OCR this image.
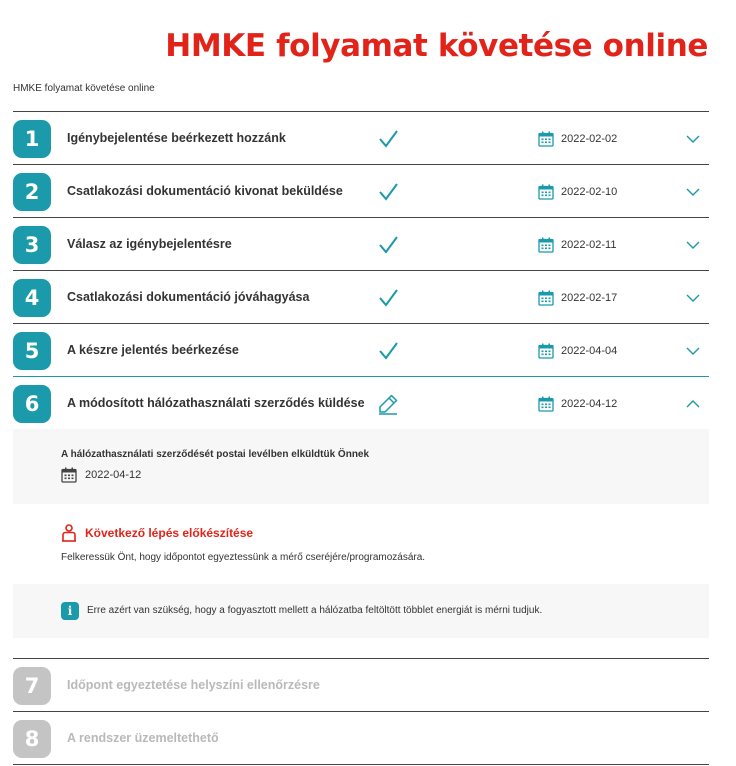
HMKE folyamat követése online
HMKE folyamat követése online
1	Igénybejelentése beérkezett hozzánk	2022-02-02
2	Csatlakozási dokumentáció kivonat beküldése	2022-02-10
3	Válasz az igénybejelentésre	2022-02-11
4	Csatlakozási dokumentáció jóváhagyása	2022-02-17
5	A készre jelentés beérkezése	2022-04-04
6	A módosított hálózathasználati szerződés küldése	2022-04-12
A hálózathasználati szerződését postai levélben elküldtük Önnek
2022-04-12
Következő lépés előkészítése
Felkeressük Önt, hogy időpontot egyeztessünk a mérő cseréjére/programozására.
i	Erre azért van szükség, hogy a fogyasztott mellett a hálózatba feltöltött többlet energiát is mérni tudjuk.
7	Időpont egyeztetése helyszíni ellenőrzésre
8	A rendszer üzemeltethető
